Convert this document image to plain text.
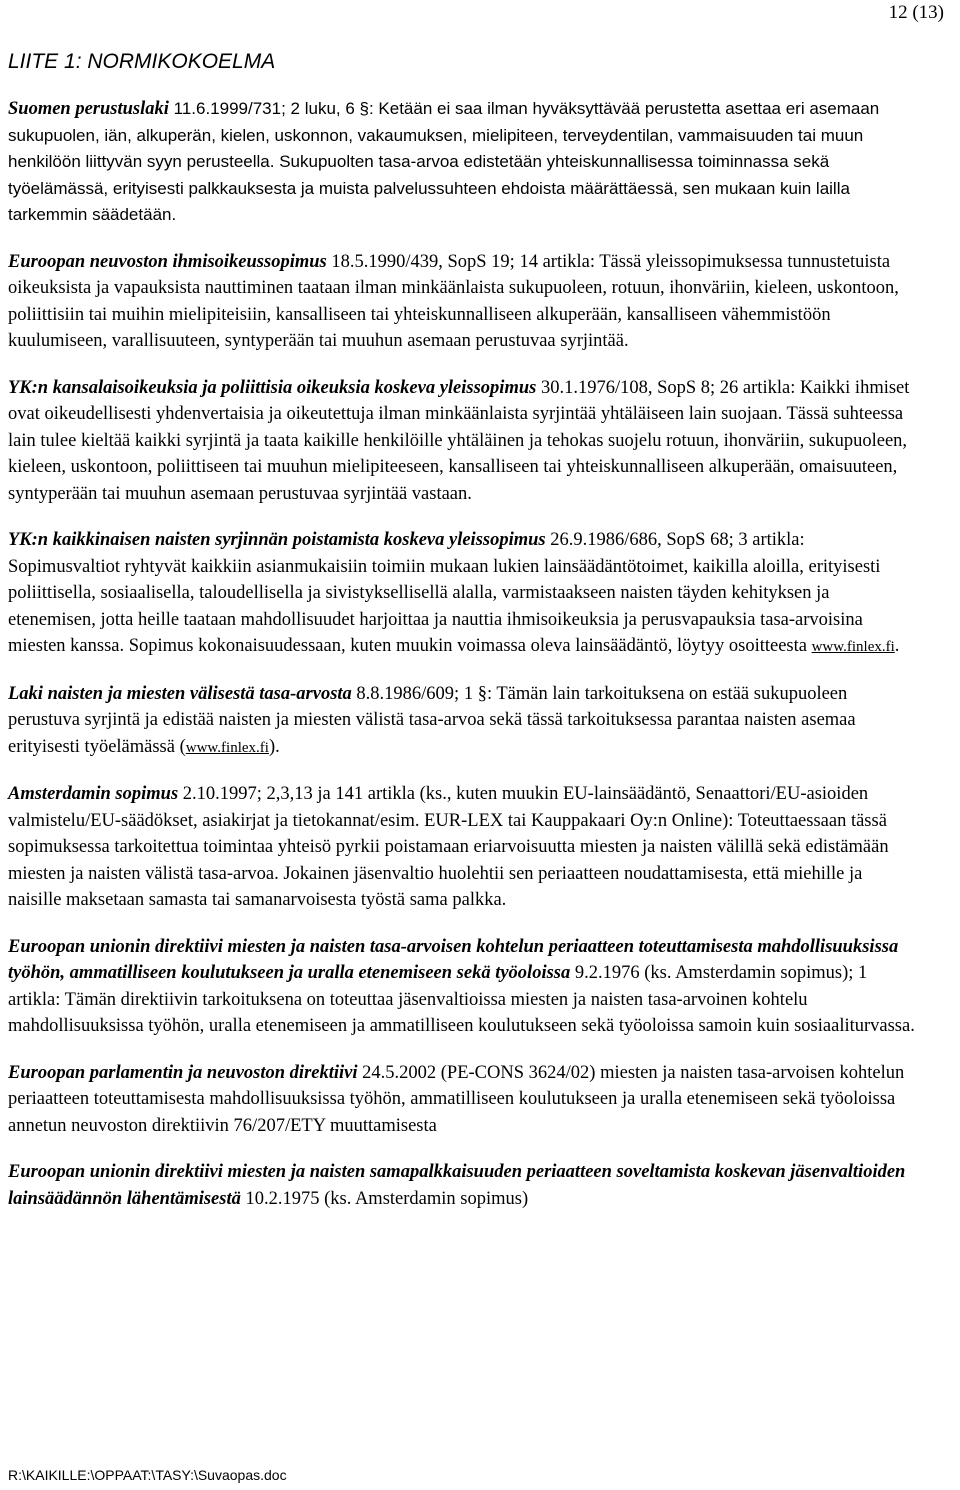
12 (13)
LIITE 1: NORMIKOKOELMA

Suomen perustuslaki 11.6.1999/731; 2 luku, 6 §: Ketään ei saa ilman hyväksyttävää perustetta asettaa eri asemaan sukupuolen, iän, alkuperän, kielen, uskonnon, vakaumuksen, mielipiteen, terveydentilan, vammaisuuden tai muun henkilöön liittyvän syyn perusteella. Sukupuolten tasa-arvoa edistetään yhteiskunnallisessa toiminnassa sekä työelämässä, erityisesti palkkauksesta ja muista palvelussuhteen ehdoista määrättäessä, sen mukaan kuin lailla tarkemmin säädetään.

Euroopan neuvoston ihmisoikeussopimus 18.5.1990/439, SopS 19; 14 artikla: Tässä yleissopimuksessa tunnustetuista oikeuksista ja vapauksista nauttiminen taataan ilman minkäänlaista sukupuoleen, rotuun, ihonväriin, kieleen, uskontoon, poliittisiin tai muihin mielipiteisiin, kansalliseen tai yhteiskunnalliseen alkuperään, kansalliseen vähemmistöön kuulumiseen, varallisuuteen, syntyperään tai muuhun asemaan perustuvaa syrjintää.

YK:n kansalaisoikeuksia ja poliittisia oikeuksia koskeva yleissopimus 30.1.1976/108, SopS 8; 26 artikla: Kaikki ihmiset ovat oikeudellisesti yhdenvertaisia ja oikeutettuja ilman minkäänlaista syrjintää yhtäläiseen lain suojaan. Tässä suhteessa lain tulee kieltää kaikki syrjintä ja taata kaikille henkilöille yhtäläinen ja tehokas suojelu rotuun, ihonväriin, sukupuoleen, kieleen, uskontoon, poliittiseen tai muuhun mielipiteeseen, kansalliseen tai yhteiskunnalliseen alkuperään, omaisuuteen, syntyperään tai muuhun asemaan perustuvaa syrjintää vastaan.

YK:n kaikkinaisen naisten syrjinnän poistamista koskeva yleissopimus 26.9.1986/686, SopS 68; 3 artikla: Sopimusvaltiot ryhtyvät kaikkiin asianmukaisiin toimiin mukaan lukien lainsäädäntötoimet, kaikilla aloilla, erityisesti poliittisella, sosiaalisella, taloudellisella ja sivistyksellisellä alalla, varmistaakseen naisten täyden kehityksen ja etenemisen, jotta heille taataan mahdollisuudet harjoittaa ja nauttia ihmisoikeuksia ja perusvapauksia tasa-arvoisina miesten kanssa. Sopimus kokonaisuudessaan, kuten muukin voimassa oleva lainsäädäntö, löytyy osoitteesta www.finlex.fi.

Laki naisten ja miesten välisestä tasa-arvosta 8.8.1986/609; 1 §: Tämän lain tarkoituksena on estää sukupuoleen perustuva syrjintä ja edistää naisten ja miesten välistä tasa-arvoa sekä tässä tarkoituksessa parantaa naisten asemaa erityisesti työelämässä (www.finlex.fi).

Amsterdamin sopimus 2.10.1997; 2,3,13 ja 141 artikla (ks., kuten muukin EU-lainsäädäntö, Senaattori/EU-asioiden valmistelu/EU-säädökset, asiakirjat ja tietokannat/esim. EUR-LEX tai Kauppakaari Oy:n Online): Toteuttaessaan tässä sopimuksessa tarkoitettua toimintaa yhteisö pyrkii poistamaan eriarvoisuutta miesten ja naisten välillä sekä edistämään miesten ja naisten välistä tasa-arvoa. Jokainen jäsenvaltio huolehtii sen periaatteen noudattamisesta, että miehille ja naisille maksetaan samasta tai samanarvoisesta työstä sama palkka.

Euroopan unionin direktiivi miesten ja naisten tasa-arvoisen kohtelun periaatteen toteuttamisesta mahdollisuuksissa työhön, ammatilliseen koulutukseen ja uralla etenemiseen sekä työoloissa 9.2.1976 (ks. Amsterdamin sopimus); 1 artikla: Tämän direktiivin tarkoituksena on toteuttaa jäsenvaltioissa miesten ja naisten tasa-arvoinen kohtelu mahdollisuuksissa työhön, uralla etenemiseen ja ammatilliseen koulutukseen sekä työoloissa samoin kuin sosiaaliturvassa.

Euroopan parlamentin ja neuvoston direktiivi 24.5.2002 (PE-CONS 3624/02) miesten ja naisten tasa-arvoisen kohtelun periaatteen toteuttamisesta mahdollisuuksissa työhön, ammatilliseen koulutukseen ja uralla etenemiseen sekä työoloissa annetun neuvoston direktiivin 76/207/ETY muuttamisesta

Euroopan unionin direktiivi miesten ja naisten samapalkkaisuuden periaatteen soveltamista koskevan jäsenvaltioiden lainsäädännön lähentämisestä 10.2.1975 (ks. Amsterdamin sopimus)

R:\KAIKILLE:\OPPAAT:\TASY:\Suvaopas.doc
